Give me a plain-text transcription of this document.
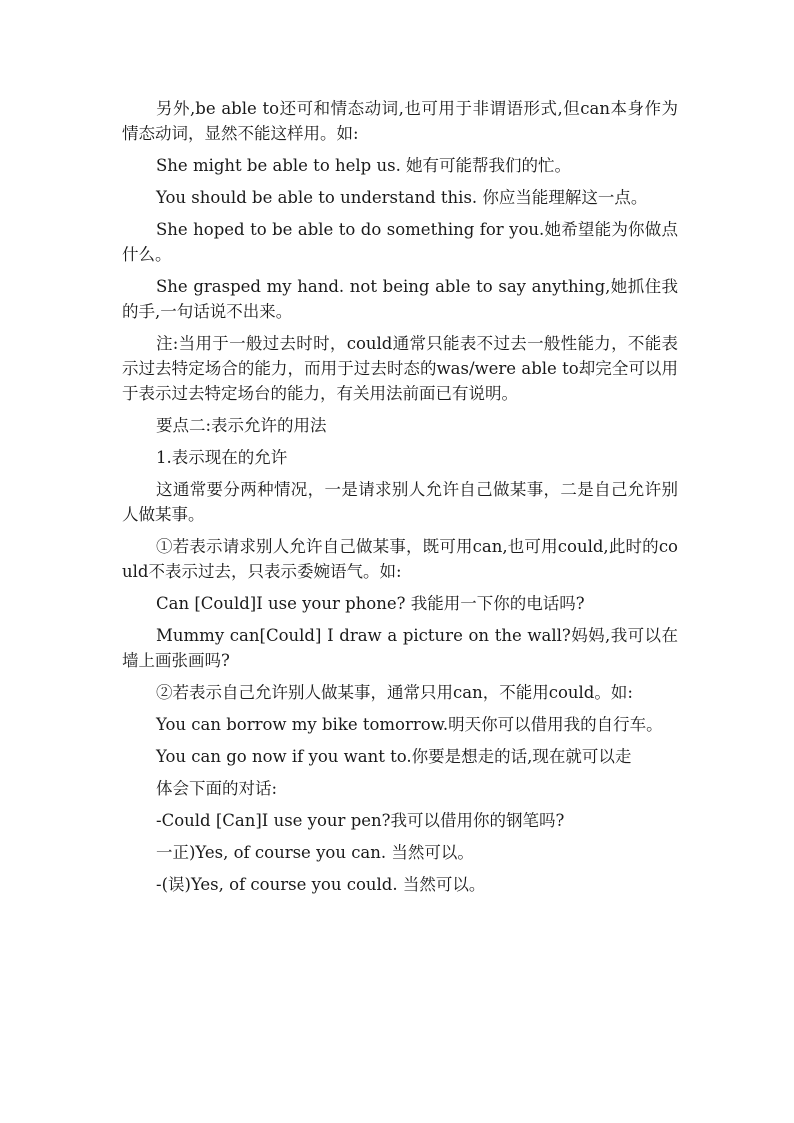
另外,be able to还可和情态动词,也可用于非谓语形式,但can本身作为情态动词，显然不能这样用。如:

She might be able to help us. 她有可能帮我们的忙。

You should be able to understand this. 你应当能理解这一点。

She hoped to be able to do something for you.她希望能为你做点什么。

She grasped my hand. not being able to say anything,她抓住我的手,一句话说不出来。

注:当用于一般过去时时，could通常只能表不过去一般性能力，不能表示过去特定场合的能力，而用于过去时态的was/were able to却完全可以用于表示过去特定场台的能力，有关用法前面已有说明。

要点二:表示允许的用法

1.表示现在的允许

这通常要分两种情况，一是请求别人允许自己做某事，二是自己允许别人做某事。

①若表示请求别人允许自己做某事，既可用can,也可用could,此时的could不表示过去，只表示委婉语气。如:

Can [Could]I use your phone? 我能用一下你的电话吗?

Mummy can[Could] I draw a picture on the wall?妈妈,我可以在墙上画张画吗?

②若表示自己允许别人做某事，通常只用can，不能用could。如:

You can borrow my bike tomorrow.明天你可以借用我的自行车。

You can go now if you want to.你要是想走的话,现在就可以走

体会下面的对话:

-Could [Can]I use your pen?我可以借用你的钢笔吗?

一正)Yes, of course you can. 当然可以。

-(误)Yes, of course you could. 当然可以。
